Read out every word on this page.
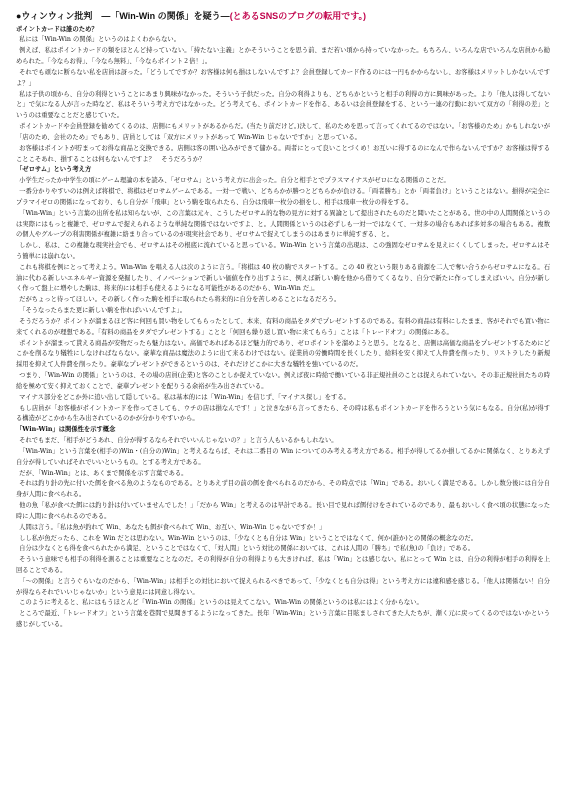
●ウィンウィン批判　―「Win-Win の関係」を疑う―(とあるSNSのブログの転用です。)

ポイントカードは誰のため？

私には「Win-Win の関係」というのはよくわからない。

例えば、私はポイントカードの類をほとんど持っていない。「持たない主義」とかそういうことを思う前、まだ若い頃から持っていなかった。もちろん、いろんな店でいろんな店員から勧められた。「今ならお得」、「今なら無料」、「今ならポイント２倍！」。

それでも頑なに断らない私を店員は訝った。「どうしてですか？お客様は何も損はしないんですよ？会員登録してカード作るのには一円もかからないし、お客様はメリットしかないんですよ？」

私は子供の頃から、自分の利得ということにあまり興味がなかった。そういう子供だった。自分の利得よりも、どちらかというと相手の利得の方に興味があった。より「他人は得してないと」で気になる人が言った時など、私はそういう考え方ではなかった。どう考えても、ポイントカードを作る、あるいは会員登録をする、という一連の行動において双方の「利得の差」というのは重要なことだと感じていた。

ポイントカードや会員登録を勧めてくるのは、店側にもメリットがあるからだ。(当たり前だけど。)決して、私のためを思って言ってくれてるのではない。「お客様のため」かもしれないが「店のため、会社のため」でもあり、店員としては「双方にメリットがあって Win-Win じゃないですか」と思っている。

お客様はポイントが貯まってお得な商品と交換できる。店側は客の囲い込みができて儲かる。両者にとって良いことづくめ！お互いに得するのになんで作らないんですか？お客様は得することこそあれ、損することは何もないんですよ？　そうだろうか？

「ゼロサム」という考え方

小学生だったか中学生の頃にゲーム理論の本を読み、「ゼロサム」という考え方に出会った。自分と相手とでプラスマイナスがゼロになる関係のことだ。

一番分かりやすいのは例えば将棋で、将棋はゼロサムゲームである。一対一で戦い、どちらかが勝つとどちらかが負ける。「両者勝ち」とか「両者負け」ということはない。損得が完全にプラマイゼロの関係になっており、もし自分が「飛車」という駒を取られたら、自分は飛車一枚分の損をし、相手は飛車一枚分の得をする。

「Win-Win」という言葉の出所を私は知らないが、この言葉は元々、こうしたゼロサム的な物の見方に対する異論として提出されたものだと聞いたことがある。世の中の人間関係というのは実際にはもっと複雑で、ゼロサムで捉えられるような単純な関係ではないですよ、と。人間関係というのは必ずしも一対一ではなくて、一対多の場合もあれば多対多の場合もある。複数の個人やグループの利害関係が複雑に絡まり合っているのが現実社会であり、ゼロサムで捉えてしまうのはあまりに単純すぎる、と。

しかし、私は、この複雑な現実社会でも、ゼロサムはその根底に流れていると思っている。Win-Win という言葉の出現は、この強固なゼロサムを見えにくくしてしまった。ゼロサムはそう簡単には崩れない。

これも将棋を例にとって考えよう。Win-Win を唱える人は次のように言う。「将棋は 40 枚の駒でスタートする。この 40 枚という限りある資源を二人で奪い合うからゼロサムになる。石油に代わる新しいエネルギー資源を発掘したり、イノベーションで新しい価値を作り出すように、例えば新しい駒を他から借りてくるなり、自分で新たに作ってしまえばいい。自分が新しく作って盤上に増やした駒は、将来的には相手も使えるようになる可能性があるのだから、Win-Win だ」。

だがちょっと待ってほしい。その新しく作った駒を相手に取られたら将来的に自分を苦しめることになるだろう。

「そうなったらまた更に新しい駒を作ればいいんですよ」。

そうだろうか？ポイントが溜まるほど客に何回も買い物をしてもらったとして、本来、有料の商品をタダでプレゼントするのである。有料の商品は有料にしたまま、客がそれでも買い物に来てくれるのが理想である。「有料の商品をタダでプレゼントする」ことと「何回も繰り返し買い物に来てもらう」ことは「トレードオフ」の関係にある。

ポイントが溜まって貰える商品が安物だったら魅力はない。高価であればあるほど魅力的であり、ゼロポイントを溜めようと思う。となると、店側は高価な商品をプレゼントするためにどこかを削るなり犠牲にしなければならない。豪華な商品は魔法のように出て来るわけではない。従業員の労働時間を長くしたり、給料を安く抑えて人件費を削ったり、リストラしたり新規採用を抑えて人件費を削ったり。豪華なプレゼントができるというのは、それだけどこかに大きな犠牲を強いているのだ。

つまり、「Win-Win の関係」というのは、その場の店員(企業)と客のことしか捉えていない。例えば夜に時給で働いている非正規社員のことは捉えられていない。その非正規社員たちの時給を極めて安く抑えておくことで、豪華プレゼントを配りうる余裕が生み出されている。

マイナス部分をどこか外に追い出して隠している。私は基本的には「Win-Win」を信じず、「マイナス探し」をする。

もし店員が「お客様がポイントカードを作ってさしても、ウチの店は損なんです！」と泣きながら言ってきたら、その時は私もポイントカードを作ろうという気にもなる。自分(私)が得する構造がどこかから生み出されているのかが分かりやすいから。

「Win-Win」は関係性を示す概念

それでもまだ、「相手がどうあれ、自分が得するならそれでいいんじゃないの？」と言う人もいるかもしれない。

「Win-Win」という言葉を(相手の)Win・(自分の)Win」と考えるならば、それは二番目の Win についてのみ考える考え方である。相手が得してるか損してるかに関係なく、とりあえず自分が得していればそれでいいというもの。とする考え方である。

だが、「Win-Win」とは、あくまで関係を示す言葉である。

それは釣り針の先に付いた餌を食べる魚のようなものである。とりあえず目の前の餌を食べられるのだから、その時点では「Win」である。おいしく満足である。しかし数分後には自分自身が人間に食べられる。

他の魚「私が食べた餌には釣り針は付いていませんでした！」「だから Win」と考えるのは早計である。長い目で見れば餌付けをされているのであり、最もおいしく食べ頃の状態になった時に人間に食べられるのである。

人間は言う。「私は魚が釣れて Win、あなたも餌が食べられて Win、お互い、Win-Win じゃないですか！」

しし私が魚だったら、これを Win だとは思わない。Win-Win というのは、「少なくとも自分は Win」ということではなくて、何か(誰か)との関係の概念なのだ。

自分は少なくとも得を食べられたから満足、ということではなくて、「対人間」という対比の関係においては、これは人間の「勝ち」で私(魚)の「負け」である。

そういう意味でも相手の利得を測ることは重要なことなのだ。その利得が自分の利得よりも大きければ、私は「Win」とは感じない。私にとって Win とは、自分の利得が相手の利得を上回ることである。

「～の関係」と言うぐらいなのだから、「Win-Win」は相手との対比において捉えられるべきであって、「少なくとも自分は得」という考え方には違和感を感じる。「他人は関係ない！自分が得ならそれでいいじゃないか」という意見には同意し得ない。

このように考えると、私にはもうほとんど「Win-Win の関係」というのは見えてこない。Win-Win の関係というのは私にはよく分からない。

ところで最近、「トレードオフ」という言葉を巷間で見聞きするようになってきた。長年「Win-Win」という言葉に目眩ましされてきた人たちが、漸く元に戻ってくるのではないかという感じがしている。
